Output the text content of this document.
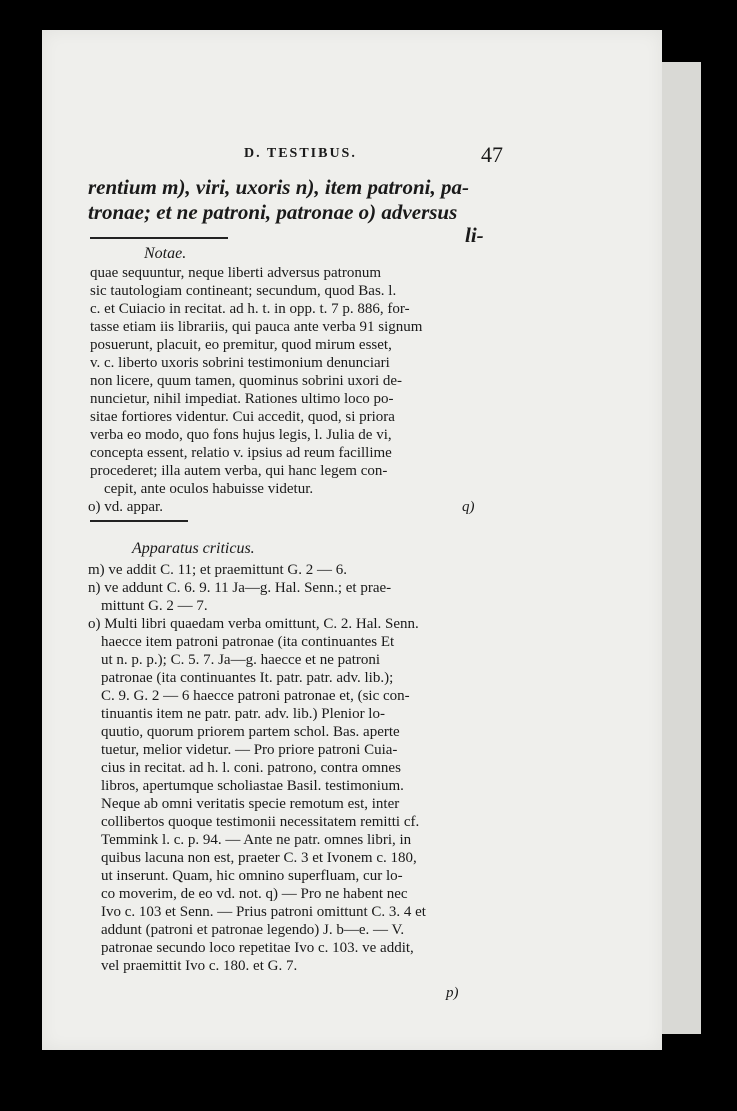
D. TESTIBUS.	47
rentium m), viri, uxoris n), item patroni, pa-
tronae; et ne patroni, patronae o) adversus
li-
Notae.
quae sequuntur, neque liberti adversus patronum
sic tautologiam contineant; secundum, quod Bas. l.
c. et Cuiacio in recitat. ad h. t. in opp. t. 7 p. 886, for-
tasse etiam iis librariis, qui pauca ante verba 91 signum
posuerunt, placuit, eo premitur, quod mirum esset,
v. c. liberto uxoris sobrini testimonium denunciari
non licere, quum tamen, quominus sobrini uxori de-
nuncietur, nihil impediat. Rationes ultimo loco po-
sitae fortiores videntur. Cui accedit, quod, si priora
verba eo modo, quo fons hujus legis, l. Julia de vi,
concepta essent, relatio v. ipsius ad reum facillime
procederet; illa autem verba, qui hanc legem con-
cepit, ante oculos habuisse videtur.
o) vd. appar.	q)
Apparatus criticus.
m) ve addit C. 11; et praemittunt G. 2 — 6.
n) ve addunt C. 6. 9. 11 Ja—g. Hal. Senn.; et prae-
mittunt G. 2 — 7.
o) Multi libri quaedam verba omittunt, C. 2. Hal. Senn.
haecce item patroni patronae (ita continuantes Et
ut n. p. p.); C. 5. 7. Ja—g. haecce et ne patroni
patronae (ita continuantes It. patr. patr. adv. lib.);
C. 9. G. 2 — 6 haecce patroni patronae et, (sic con-
tinuantis item ne patr. patr. adv. lib.) Plenior lo-
quutio, quorum priorem partem schol. Bas. aperte
tuetur, melior videtur. — Pro priore patroni Cuia-
cius in recitat. ad h. l. coni. patrono, contra omnes
libros, apertumque scholiastae Basil. testimonium.
Neque ab omni veritatis specie remotum est, inter
collibertos quoque testimonii necessitatem remitti cf.
Temmink l. c. p. 94. — Ante ne patr. omnes libri, in
quibus lacuna non est, praeter C. 3 et Ivonem c. 180,
ut inserunt. Quam, hic omnino superfluam, cur lo-
co moverim, de eo vd. not. q) — Pro ne habent nec
Ivo c. 103 et Senn. — Prius patroni omittunt C. 3. 4 et
addunt (patroni et patronae legendo) J. b—e. — V.
patronae secundo loco repetitae Ivo c. 103. ve addit,
vel praemittit Ivo c. 180. et G. 7.
p)
